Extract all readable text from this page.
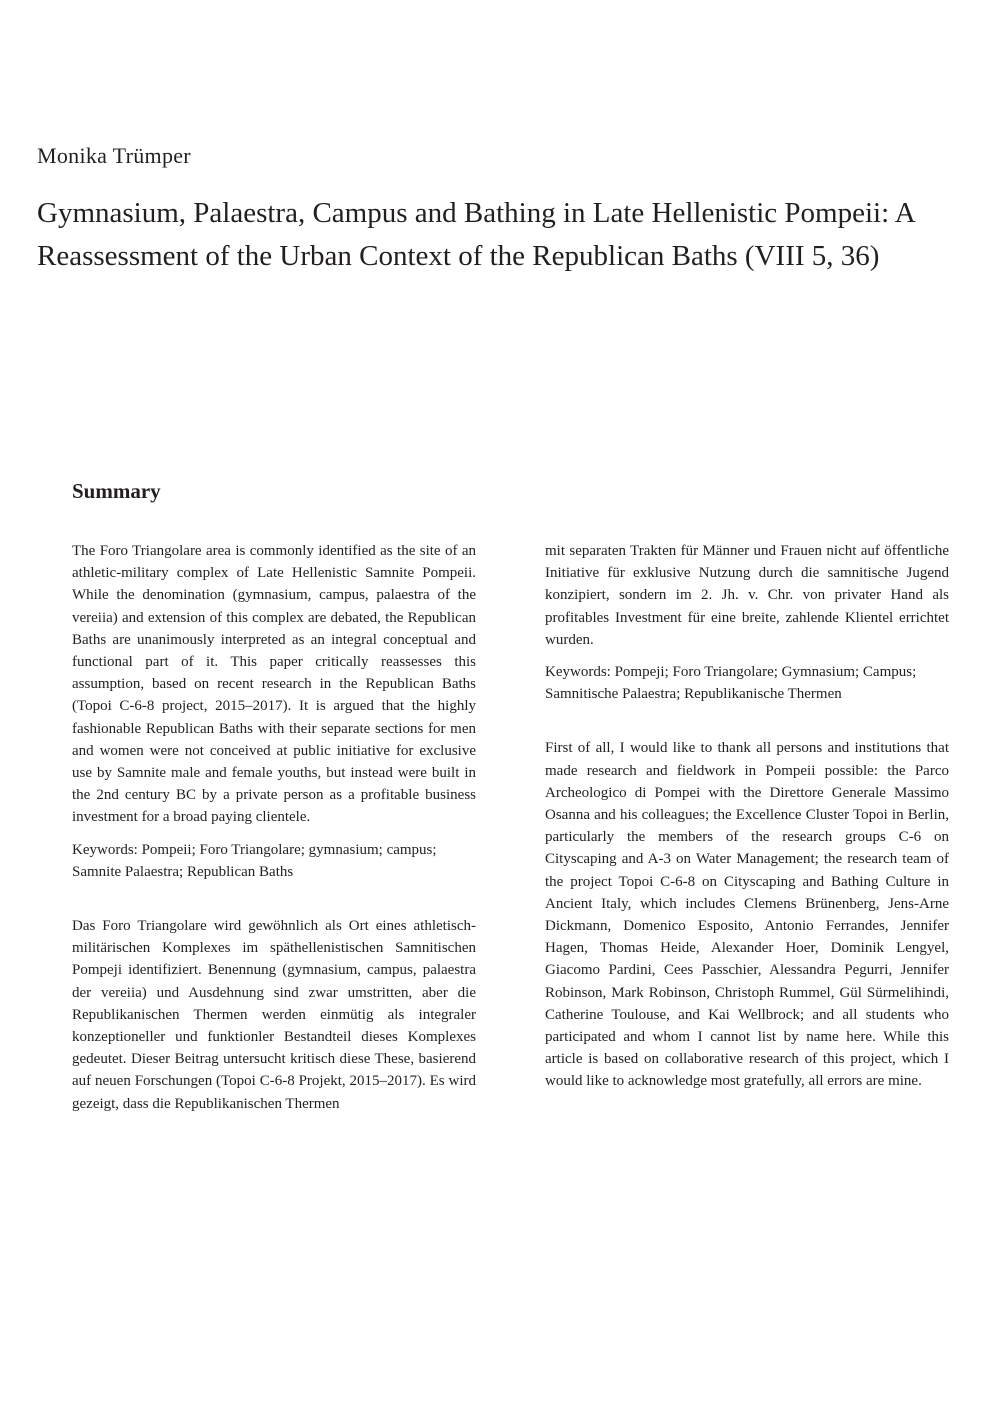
Monika Trümper
Gymnasium, Palaestra, Campus and Bathing in Late Hellenistic Pompeii: A Reassessment of the Urban Context of the Republican Baths (VIII 5, 36)
Summary

The Foro Triangolare area is commonly identified as the site of an athletic-military complex of Late Hellenistic Samnite Pompeii. While the denomination (gymnasium, campus, palaestra of the vereiia) and extension of this complex are debated, the Republican Baths are unanimously interpreted as an integral conceptual and functional part of it. This paper critically reassesses this assumption, based on recent research in the Republican Baths (Topoi C-6-8 project, 2015–2017). It is argued that the highly fashionable Republican Baths with their separate sections for men and women were not conceived at public initiative for exclusive use by Samnite male and female youths, but instead were built in the 2nd century BC by a private person as a profitable business investment for a broad paying clientele.

Keywords: Pompeii; Foro Triangolare; gymnasium; campus; Samnite Palaestra; Republican Baths

Das Foro Triangolare wird gewöhnlich als Ort eines athletisch-militärischen Komplexes im späthellenistischen Samnitischen Pompeji identifiziert. Benennung (gymnasium, campus, palaestra der vereiia) und Ausdehnung sind zwar umstritten, aber die Republikanischen Thermen werden einmütig als integraler konzeptioneller und funktionler Bestandteil dieses Komplexes gedeutet. Dieser Beitrag untersucht kritisch diese These, basierend auf neuen Forschungen (Topoi C-6-8 Projekt, 2015–2017). Es wird gezeigt, dass die Republikanischen Thermen

mit separaten Trakten für Männer und Frauen nicht auf öffentliche Initiative für exklusive Nutzung durch die samnitische Jugend konzipiert, sondern im 2. Jh. v. Chr. von privater Hand als profitables Investment für eine breite, zahlende Klientel errichtet wurden.

Keywords: Pompeji; Foro Triangolare; Gymnasium; Campus; Samnitische Palaestra; Republikanische Thermen

First of all, I would like to thank all persons and institutions that made research and fieldwork in Pompeii possible: the Parco Archeologico di Pompei with the Direttore Generale Massimo Osanna and his colleagues; the Excellence Cluster Topoi in Berlin, particularly the members of the research groups C-6 on Cityscaping and A-3 on Water Management; the research team of the project Topoi C-6-8 on Cityscaping and Bathing Culture in Ancient Italy, which includes Clemens Brünenberg, Jens-Arne Dickmann, Domenico Esposito, Antonio Ferrandes, Jennifer Hagen, Thomas Heide, Alexander Hoer, Dominik Lengyel, Giacomo Pardini, Cees Passchier, Alessandra Pegurri, Jennifer Robinson, Mark Robinson, Christoph Rummel, Gül Sürmelihindi, Catherine Toulouse, and Kai Wellbrock; and all students who participated and whom I cannot list by name here. While this article is based on collaborative research of this project, which I would like to acknowledge most gratefully, all errors are mine.
